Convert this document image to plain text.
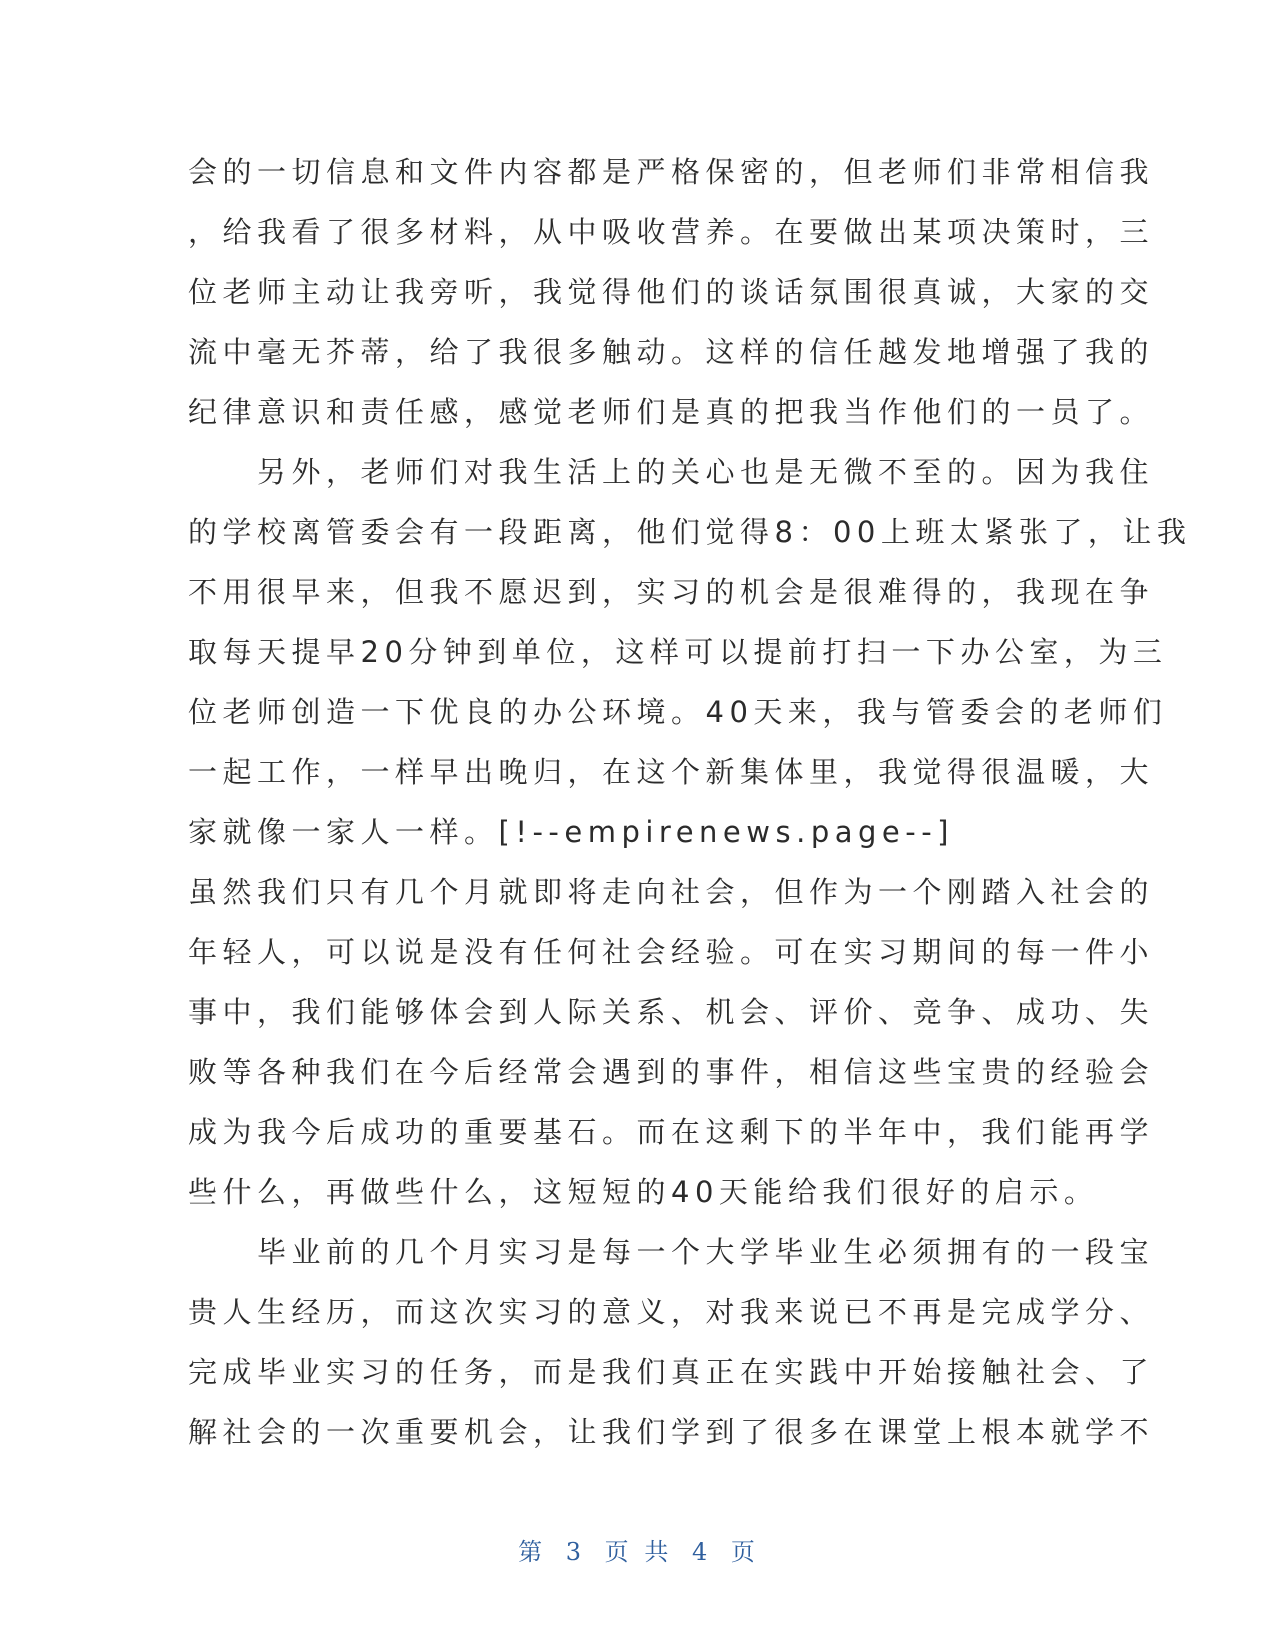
会的一切信息和文件内容都是严格保密的，但老师们非常相信我
，给我看了很多材料，从中吸收营养。在要做出某项决策时，三
位老师主动让我旁听，我觉得他们的谈话氛围很真诚，大家的交
流中毫无芥蒂，给了我很多触动。这样的信任越发地增强了我的
纪律意识和责任感，感觉老师们是真的把我当作他们的一员了。
　　另外，老师们对我生活上的关心也是无微不至的。因为我住
的学校离管委会有一段距离，他们觉得8：00上班太紧张了，让我
不用很早来，但我不愿迟到，实习的机会是很难得的，我现在争
取每天提早20分钟到单位，这样可以提前打扫一下办公室，为三
位老师创造一下优良的办公环境。40天来，我与管委会的老师们
一起工作，一样早出晚归，在这个新集体里，我觉得很温暖，大
家就像一家人一样。[!--empirenews.page--]
虽然我们只有几个月就即将走向社会，但作为一个刚踏入社会的
年轻人，可以说是没有任何社会经验。可在实习期间的每一件小
事中，我们能够体会到人际关系、机会、评价、竞争、成功、失
败等各种我们在今后经常会遇到的事件，相信这些宝贵的经验会
成为我今后成功的重要基石。而在这剩下的半年中，我们能再学
些什么，再做些什么，这短短的40天能给我们很好的启示。
　　毕业前的几个月实习是每一个大学毕业生必须拥有的一段宝
贵人生经历，而这次实习的意义，对我来说已不再是完成学分、
完成毕业实习的任务，而是我们真正在实践中开始接触社会、了
解社会的一次重要机会，让我们学到了很多在课堂上根本就学不
第 3 页 共 4 页
